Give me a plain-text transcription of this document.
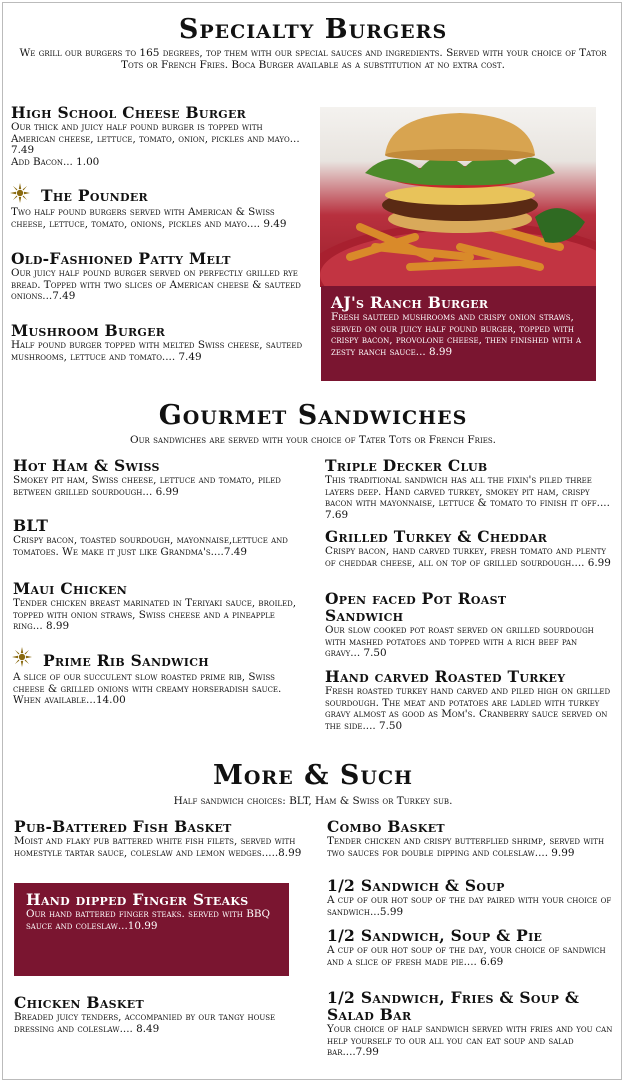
Specialty Burgers
We grill our burgers to 165 degrees, top them with our special sauces and ingredients. Served with your choice of Tator Tots or French Fries. Boca Burger available as a substitution at no extra cost.
High School Cheese Burger
Our thick and juicy half pound burger is topped with American cheese, lettuce, tomato, onion, pickles and mayo... 7.49
Add Bacon... 1.00
The Pounder
Two half pound burgers served with American & Swiss cheese, lettuce, tomato, onions, pickles and mayo.... 9.49
Old-Fashioned Patty Melt
Our juicy half pound burger served on perfectly grilled rye bread. Topped with two slices of American cheese & sauteed onions...7.49
Mushroom Burger
Half pound burger topped with melted Swiss cheese, sauteed mushrooms, lettuce and tomato.... 7.49
AJ's Ranch Burger
Fresh sauteed mushrooms and crispy onion straws, served on our juicy half pound burger, topped with crispy bacon, provolone cheese, then finished with a zesty ranch sauce... 8.99
Gourmet Sandwiches
Our sandwiches are served with your choice of Tater Tots or French Fries.
Hot Ham & Swiss
Smokey pit ham, Swiss cheese, lettuce and tomato, piled between grilled sourdough... 6.99
BLT
Crispy bacon, toasted sourdough, mayonnaise,lettuce and tomatoes. We make it just like Grandma's....7.49
Maui Chicken
Tender chicken breast marinated in Teriyaki sauce, broiled, topped with onion straws, Swiss cheese and a pineapple ring... 8.99
Prime Rib Sandwich
A slice of our succulent slow roasted prime rib, Swiss cheese & grilled onions with creamy horseradish sauce. When available...14.00
Triple Decker Club
This traditional sandwich has all the fixin's piled three layers deep. Hand carved turkey, smokey pit ham, crispy bacon with mayonnaise, lettuce & tomato to finish it off.... 7.69
Grilled Turkey & Cheddar
Crispy bacon, hand carved turkey, fresh tomato and plenty of cheddar cheese, all on top of grilled sourdough.... 6.99
Open faced Pot Roast Sandwich
Our slow cooked pot roast served on grilled sourdough with mashed potatoes and topped with a rich beef pan gravy... 7.50
Hand carved Roasted Turkey
Fresh roasted turkey hand carved and piled high on grilled sourdough. The meat and potatoes are ladled with turkey gravy almost as good as Mom's. Cranberry sauce served on the side.... 7.50
More & Such
Half sandwich choices: BLT, Ham & Swiss or Turkey sub.
Pub-Battered Fish Basket
Moist and flaky pub battered white fish filets, served with homestyle tartar sauce, coleslaw and lemon wedges.....8.99
Hand dipped Finger Steaks
Our hand battered finger steaks. served with BBQ sauce and coleslaw...10.99
Chicken Basket
Breaded juicy tenders, accompanied by our tangy house dressing and coleslaw.... 8.49
Combo Basket
Tender chicken and crispy butterflied shrimp, served with two sauces for double dipping and coleslaw.... 9.99
1/2 Sandwich & Soup
A cup of our hot soup of the day paired with your choice of sandwich...5.99
1/2 Sandwich, Soup & Pie
A cup of our hot soup of the day, your choice of sandwich and a slice of fresh made pie.... 6.69
1/2 Sandwich, Fries & Soup & Salad Bar
Your choice of half sandwich served with fries and you can help yourself to our all you can eat soup and salad bar....7.99
